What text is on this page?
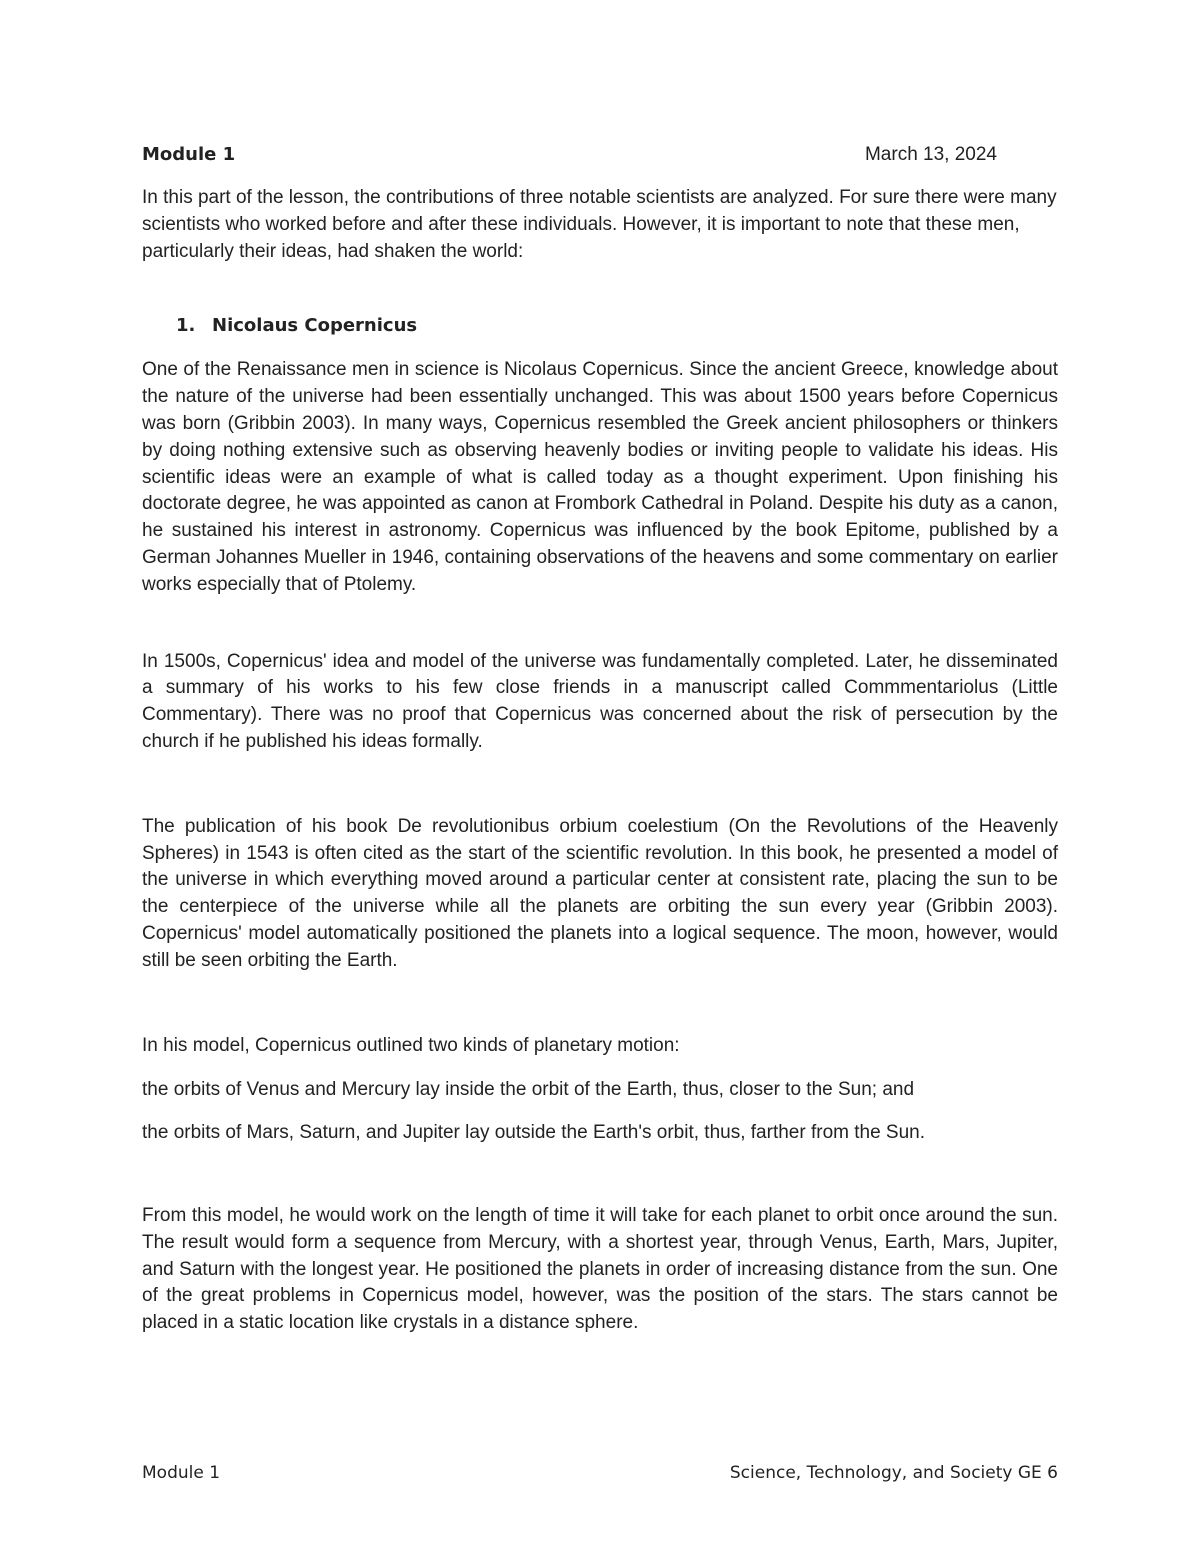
Module 1	March 13, 2024

In this part of the lesson, the contributions of three notable scientists are analyzed. For sure there were many scientists who worked before and after these individuals. However, it is important to note that these men, particularly their ideas, had shaken the world:

1. Nicolaus Copernicus

One of the Renaissance men in science is Nicolaus Copernicus. Since the ancient Greece, knowledge about the nature of the universe had been essentially unchanged. This was about 1500 years before Copernicus was born (Gribbin 2003). In many ways, Copernicus resembled the Greek ancient philosophers or thinkers by doing nothing extensive such as observing heavenly bodies or inviting people to validate his ideas. His scientific ideas were an example of what is called today as a thought experiment. Upon finishing his doctorate degree, he was appointed as canon at Frombork Cathedral in Poland. Despite his duty as a canon, he sustained his interest in astronomy. Copernicus was influenced by the book Epitome, published by a German Johannes Mueller in 1946, containing observations of the heavens and some commentary on earlier works especially that of Ptolemy.

In 1500s, Copernicus' idea and model of the universe was fundamentally completed. Later, he disseminated a summary of his works to his few close friends in a manuscript called Commmentariolus (Little Commentary). There was no proof that Copernicus was concerned about the risk of persecution by the church if he published his ideas formally.

The publication of his book De revolutionibus orbium coelestium (On the Revolutions of the Heavenly Spheres) in 1543 is often cited as the start of the scientific revolution. In this book, he presented a model of the universe in which everything moved around a particular center at consistent rate, placing the sun to be the centerpiece of the universe while all the planets are orbiting the sun every year (Gribbin 2003). Copernicus' model automatically positioned the planets into a logical sequence. The moon, however, would still be seen orbiting the Earth.

In his model, Copernicus outlined two kinds of planetary motion:

the orbits of Venus and Mercury lay inside the orbit of the Earth, thus, closer to the Sun; and

the orbits of Mars, Saturn, and Jupiter lay outside the Earth's orbit, thus, farther from the Sun.

From this model, he would work on the length of time it will take for each planet to orbit once around the sun. The result would form a sequence from Mercury, with a shortest year, through Venus, Earth, Mars, Jupiter, and Saturn with the longest year. He positioned the planets in order of increasing distance from the sun. One of the great problems in Copernicus model, however, was the position of the stars. The stars cannot be placed in a static location like crystals in a distance sphere.

Module 1	Science, Technology, and Society GE 6
